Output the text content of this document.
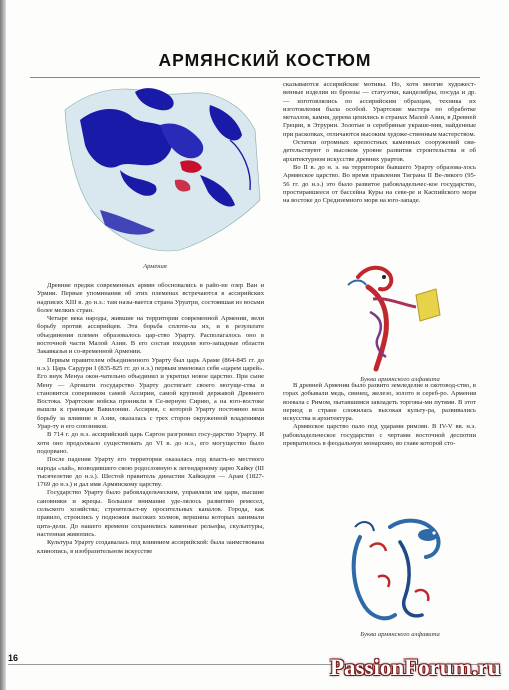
АРМЯНСКИЙ КОСТЮМ
Армения

Древние предки современных армян обосновались в райо-не озер Ван и Урмии. Первые упоминания об этих племенах встречаются в ассирийских надписях XIII в. до н.э.: там назы-вается страна Уруатри, состоявшая из восьми более мелких стран.

Четыре века народы, жившие на территории современной Армении, вели борьбу против ассирийцев. Эта борьба сплоти-ла их, и в результате объединения племен образовалось цар-ство Урарту. Располагалось оно в восточной части Малой Азии. В его состав входили юго-западные области Закавказья и со-временной Армении.

Первым правителем объединенного Урарту был царь Араме (864-845 гг. до н.э.). Царь Сардури I (835-825 гг. до н.э.) первым именовал себя «царем царей». Его внук Менуа окон-чательно объединил и укрепил новое царство. При сыне Мену — Аргишти государство Урарту достигает своего могуще-ства и становится соперником самой Ассирии, самой крупной державой Древнего Востока. Урартские войска проникли в Се-верную Сирию, а на юго-востоке вышли к границам Вавилонии. Ассирия, с которой Урарту постоянно вела борьбу за влияние в Азии, оказалась с трех сторон окруженной владениями Урар-ту и его союзников.

В 714 г. до н.э. ассирийский царь Саргон разгромил госу-дарство Урарту. И хотя оно продолжало существовать до VI в. до н.э., его могущество было подорвано.

После падения Урарту его территория оказалась под власть-ю местного народа «хай», возводившего свою родословную к легендарному царю Хайку (III тысячелетие до н.э.). Шестой правитель династии Хайкидов — Арам (1827-1769 до н.э.) и дал имя Армянскому царству.

Государство Урарту было рабовладельческим, управляли им цари, высшие сановники и жрецы. Большое внимание уде-лялось развитию ремесел, сельского хозяйства; строительст-ву оросительных каналов. Города, как правило, строились у подножия высоких холмов, вершины которых занимали цита-дели. До нашего времени сохранились каменные рельефы, скульптуры, настенная живопись.

Культура Урарту создавалась под влиянием ассирийской: была заимствована клинопись, в изобразительном искусстве

сказываются ассирийские мотивы. Но, хотя многие художест-венные изделия из бронзы — статуэтки, канделябры, посуда и др. — изготовлялись по ассирийским образцам, техника их изготовления была особой. Урартские мастера по обработке металлов, камня, дерева ценились в странах Малой Азии, в Древней Греции, в Этрурии. Золотые и серебряные украше-ния, найденные при раскопках, отличаются высоким художе-ственным мастерством.

Остатки огромных крепостных каменных сооружений сви-детельствуют о высоком уровне развития строительства и об архитектурном искусстве древних урартов.

Во II в. до н. э. на территории бывшего Урарту образова-лось Армянское царство. Во время правления Тиграна II Ве-ликого (95-56 гг. до н.э.) это было развитое рабовладельчес-кое государство, простиравшееся от бассейна Куры на севе-ре и Каспийского моря на востоке до Средиземного моря на юго-западе.

Буква армянского алфавита

В древней Армении было развито земледелие и скотовод-ство, в горах добывали медь, свинец, железо, золото и сереб-ро. Армения воевала с Римом, пытавшимся завладеть торговы-ми путями. В этот период в стране сложилась высокая культу-ра, развивались искусства и архитектура.

Армянское царство пало под ударами римлян. В IV-V вв. н.э. рабовладельческое государство с чертами восточной деспотии превратилось в феодальную монархию, во главе которой сто-

Буква армянского алфавита
16	PassionForum.ru
